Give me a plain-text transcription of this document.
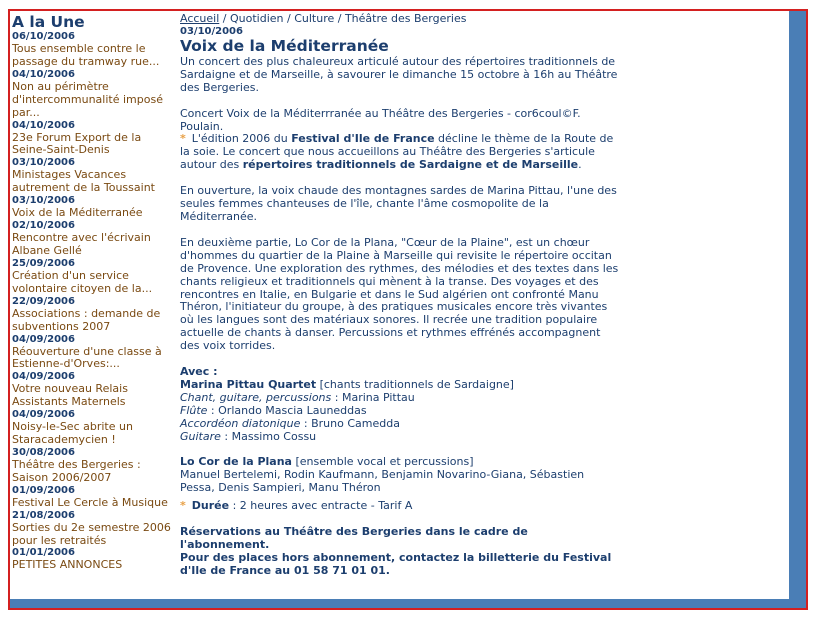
A la Une
06/10/2006
Tous ensemble contre le passage du tramway rue...
04/10/2006
Non au périmètre d'intercommunalité imposé par...
04/10/2006
23e Forum Export de la Seine-Saint-Denis
03/10/2006
Ministages Vacances autrement de la Toussaint
03/10/2006
Voix de la Méditerranée
02/10/2006
Rencontre avec l'écrivain Albane Gellé
25/09/2006
Création d'un service volontaire citoyen de la...
22/09/2006
Associations : demande de subventions 2007
04/09/2006
Réouverture d'une classe à Estienne-d'Orves:...
04/09/2006
Votre nouveau Relais Assistants Maternels
04/09/2006
Noisy-le-Sec abrite un Staracademycien !
30/08/2006
Théâtre des Bergeries : Saison 2006/2007
01/09/2006
Festival Le Cercle à Musique
21/08/2006
Sorties du 2e semestre 2006 pour les retraités
01/01/2006
PETITES ANNONCES
Accueil / Quotidien / Culture / Théâtre des Bergeries
03/10/2006
Voix de la Méditerranée

Un concert des plus chaleureux articulé autour des répertoires traditionnels de Sardaigne et de Marseille, à savourer le dimanche 15 octobre à 16h au Théâtre des Bergeries.

Concert Voix de la Méditerrranée au Théâtre des Bergeries - cor6coul©F. Poulain.

* L'édition 2006 du Festival d'Ile de France décline le thème de la Route de la soie. Le concert que nous accueillons au Théâtre des Bergeries s'articule autour des répertoires traditionnels de Sardaigne et de Marseille.

En ouverture, la voix chaude des montagnes sardes de Marina Pittau, l'une des seules femmes chanteuses de l'île, chante l'âme cosmopolite de la Méditerranée.

En deuxième partie, Lo Cor de la Plana, "Cœur de la Plaine", est un chœur d'hommes du quartier de la Plaine à Marseille qui revisite le répertoire occitan de Provence. Une exploration des rythmes, des mélodies et des textes dans les chants religieux et traditionnels qui mènent à la transe. Des voyages et des rencontres en Italie, en Bulgarie et dans le Sud algérien ont confronté Manu Théron, l'initiateur du groupe, à des pratiques musicales encore très vivantes où les langues sont des matériaux sonores. Il recrée une tradition populaire actuelle de chants à danser. Percussions et rythmes effrénés accompagnent des voix torrides.

Avec :

Marina Pittau Quartet [chants traditionnels de Sardaigne]

Chant, guitare, percussions : Marina Pittau

Flûte : Orlando Mascia Launeddas

Accordéon diatonique : Bruno Camedda

Guitare : Massimo Cossu

Lo Cor de la Plana [ensemble vocal et percussions]

Manuel Bertelemi, Rodin Kaufmann, Benjamin Novarino-Giana, Sébastien Pessa, Denis Sampieri, Manu Théron

* Durée : 2 heures avec entracte - Tarif A

Réservations au Théâtre des Bergeries dans le cadre de l'abonnement.

Pour des places hors abonnement, contactez la billetterie du Festival d'Ile de France au 01 58 71 01 01.
